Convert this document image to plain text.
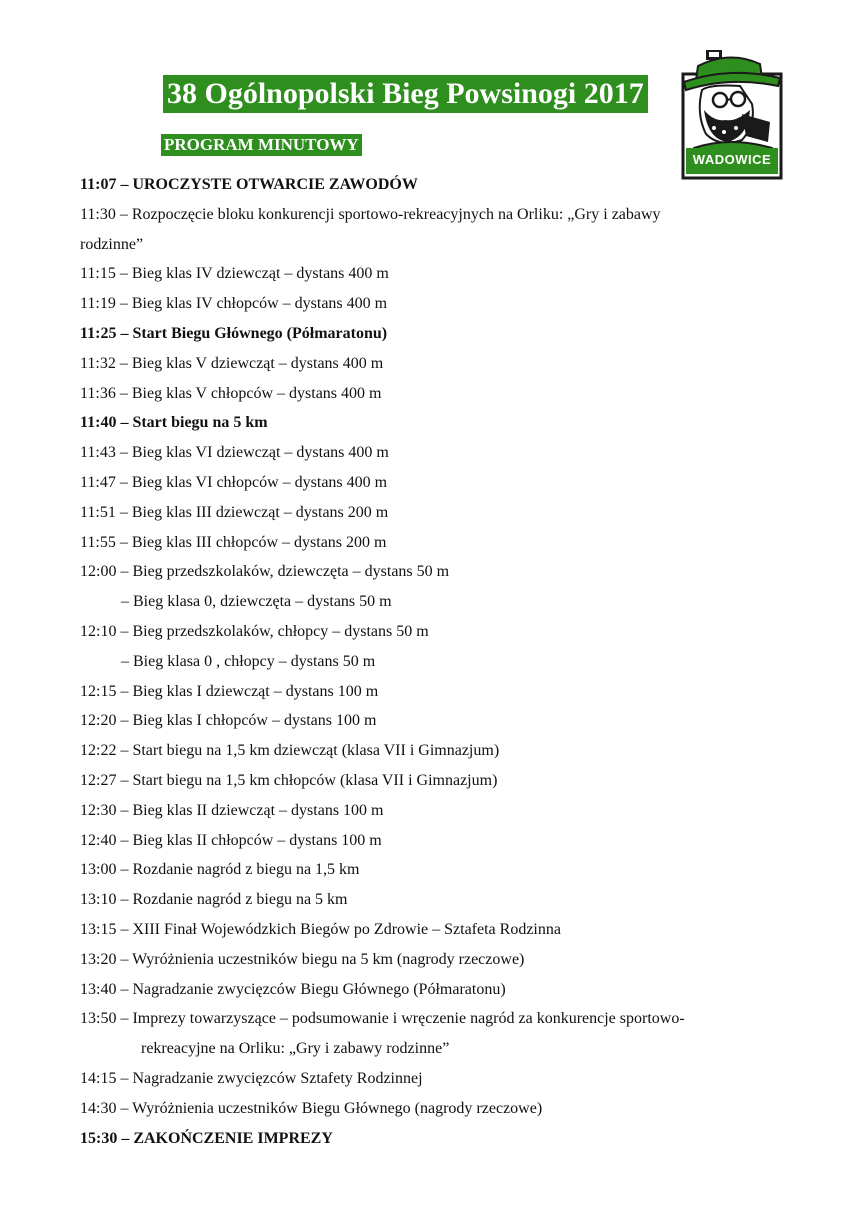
38 Ogólnopolski Bieg Powsinogi 2017
PROGRAM MINUTOWY
WADOWICE
11:07 – UROCZYSTE OTWARCIE ZAWODÓW
11:30 – Rozpoczęcie bloku konkurencji sportowo-rekreacyjnych na Orliku: „Gry i zabawy
rodzinne”
11:15 – Bieg klas IV dziewcząt – dystans 400 m
11:19 – Bieg klas IV chłopców – dystans 400 m
11:25 – Start Biegu Głównego (Półmaratonu)
11:32 – Bieg klas V dziewcząt – dystans 400 m
11:36 – Bieg klas V chłopców – dystans 400 m
11:40 – Start biegu na 5 km
11:43 – Bieg klas VI dziewcząt – dystans 400 m
11:47 – Bieg klas VI chłopców – dystans 400 m
11:51 – Bieg klas III dziewcząt – dystans 200 m
11:55 – Bieg klas III chłopców – dystans 200 m
12:00 – Bieg przedszkolaków, dziewczęta – dystans 50 m
– Bieg klasa 0, dziewczęta – dystans 50 m
12:10 – Bieg przedszkolaków, chłopcy – dystans 50 m
– Bieg klasa 0 , chłopcy – dystans 50 m
12:15 – Bieg klas I dziewcząt – dystans 100 m
12:20 – Bieg klas I chłopców – dystans 100 m
12:22 – Start biegu na 1,5 km dziewcząt (klasa VII i Gimnazjum)
12:27 – Start biegu na 1,5 km chłopców (klasa VII i Gimnazjum)
12:30 – Bieg klas II dziewcząt – dystans 100 m
12:40 – Bieg klas II chłopców – dystans 100 m
13:00 – Rozdanie nagród z biegu na 1,5 km
13:10 – Rozdanie nagród z biegu na 5 km
13:15 – XIII Finał Wojewódzkich Biegów po Zdrowie – Sztafeta Rodzinna
13:20 – Wyróżnienia uczestników biegu na 5 km (nagrody rzeczowe)
13:40 – Nagradzanie zwycięzców Biegu Głównego (Półmaratonu)
13:50 – Imprezy towarzyszące – podsumowanie i wręczenie nagród za konkurencje sportowo-
rekreacyjne na Orliku: „Gry i zabawy rodzinne”
14:15 – Nagradzanie zwycięzców Sztafety Rodzinnej
14:30 – Wyróżnienia uczestników Biegu Głównego (nagrody rzeczowe)
15:30 – ZAKOŃCZENIE IMPREZY
